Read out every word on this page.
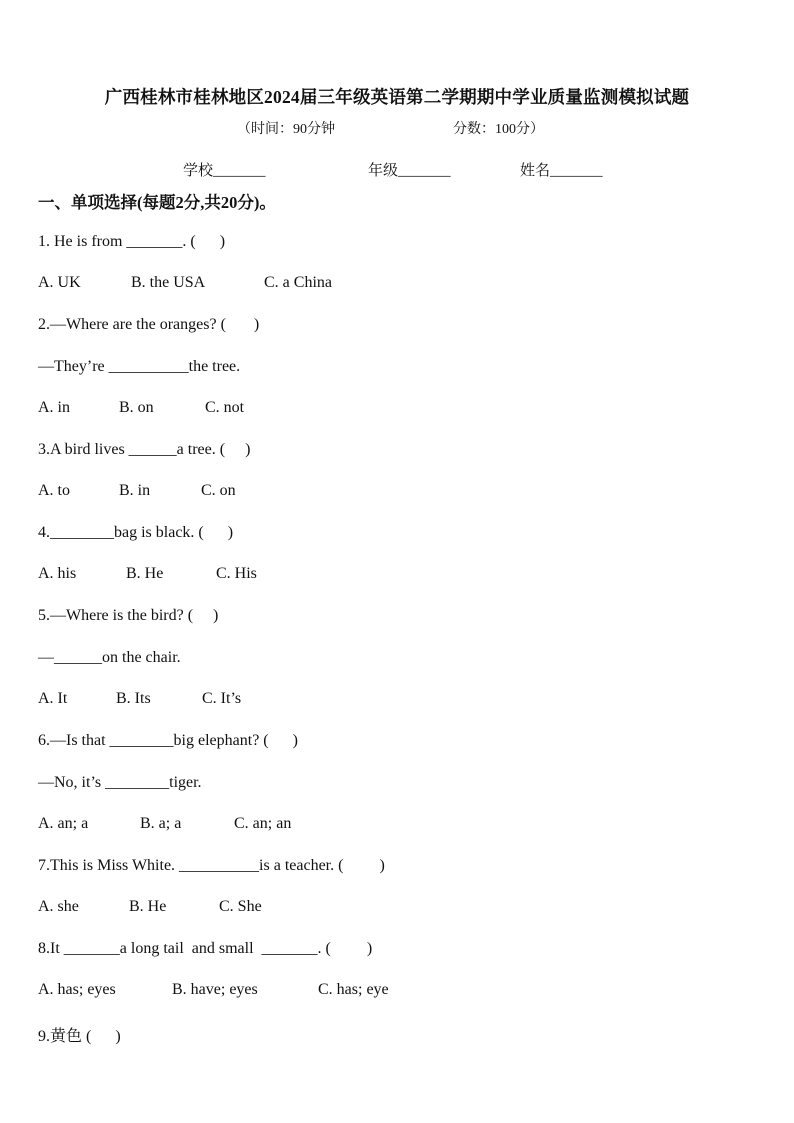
广西桂林市桂林地区2024届三年级英语第二学期期中学业质量监测模拟试题
（时间：90分钟	分数：100分）
学校_______	年级_______	姓名_______
一、单项选择(每题2分,共20分)。
1. He is from _______. (      )
A. UK	B. the USA	C. a China
2.—Where are the oranges? (       )
—They’re __________the tree.
A. in	B. on	C. not
3.A bird lives ______a tree. (     )
A. to	B. in	C. on
4.________bag is black. (      )
A. his	B. He	C. His
5.—Where is the bird? (     )
—______on the chair.
A. It	B. Its	C. It’s
6.—Is that ________big elephant? (      )
—No, it’s ________tiger.
A. an; a	B. a; a	C. an; an
7.This is Miss White. __________is a teacher. (         )
A. she	B. He	C. She
8.It _______a long tail  and small  _______. (         )
A. has; eyes	B. have; eyes	C. has; eye
9.黄色 (      )
